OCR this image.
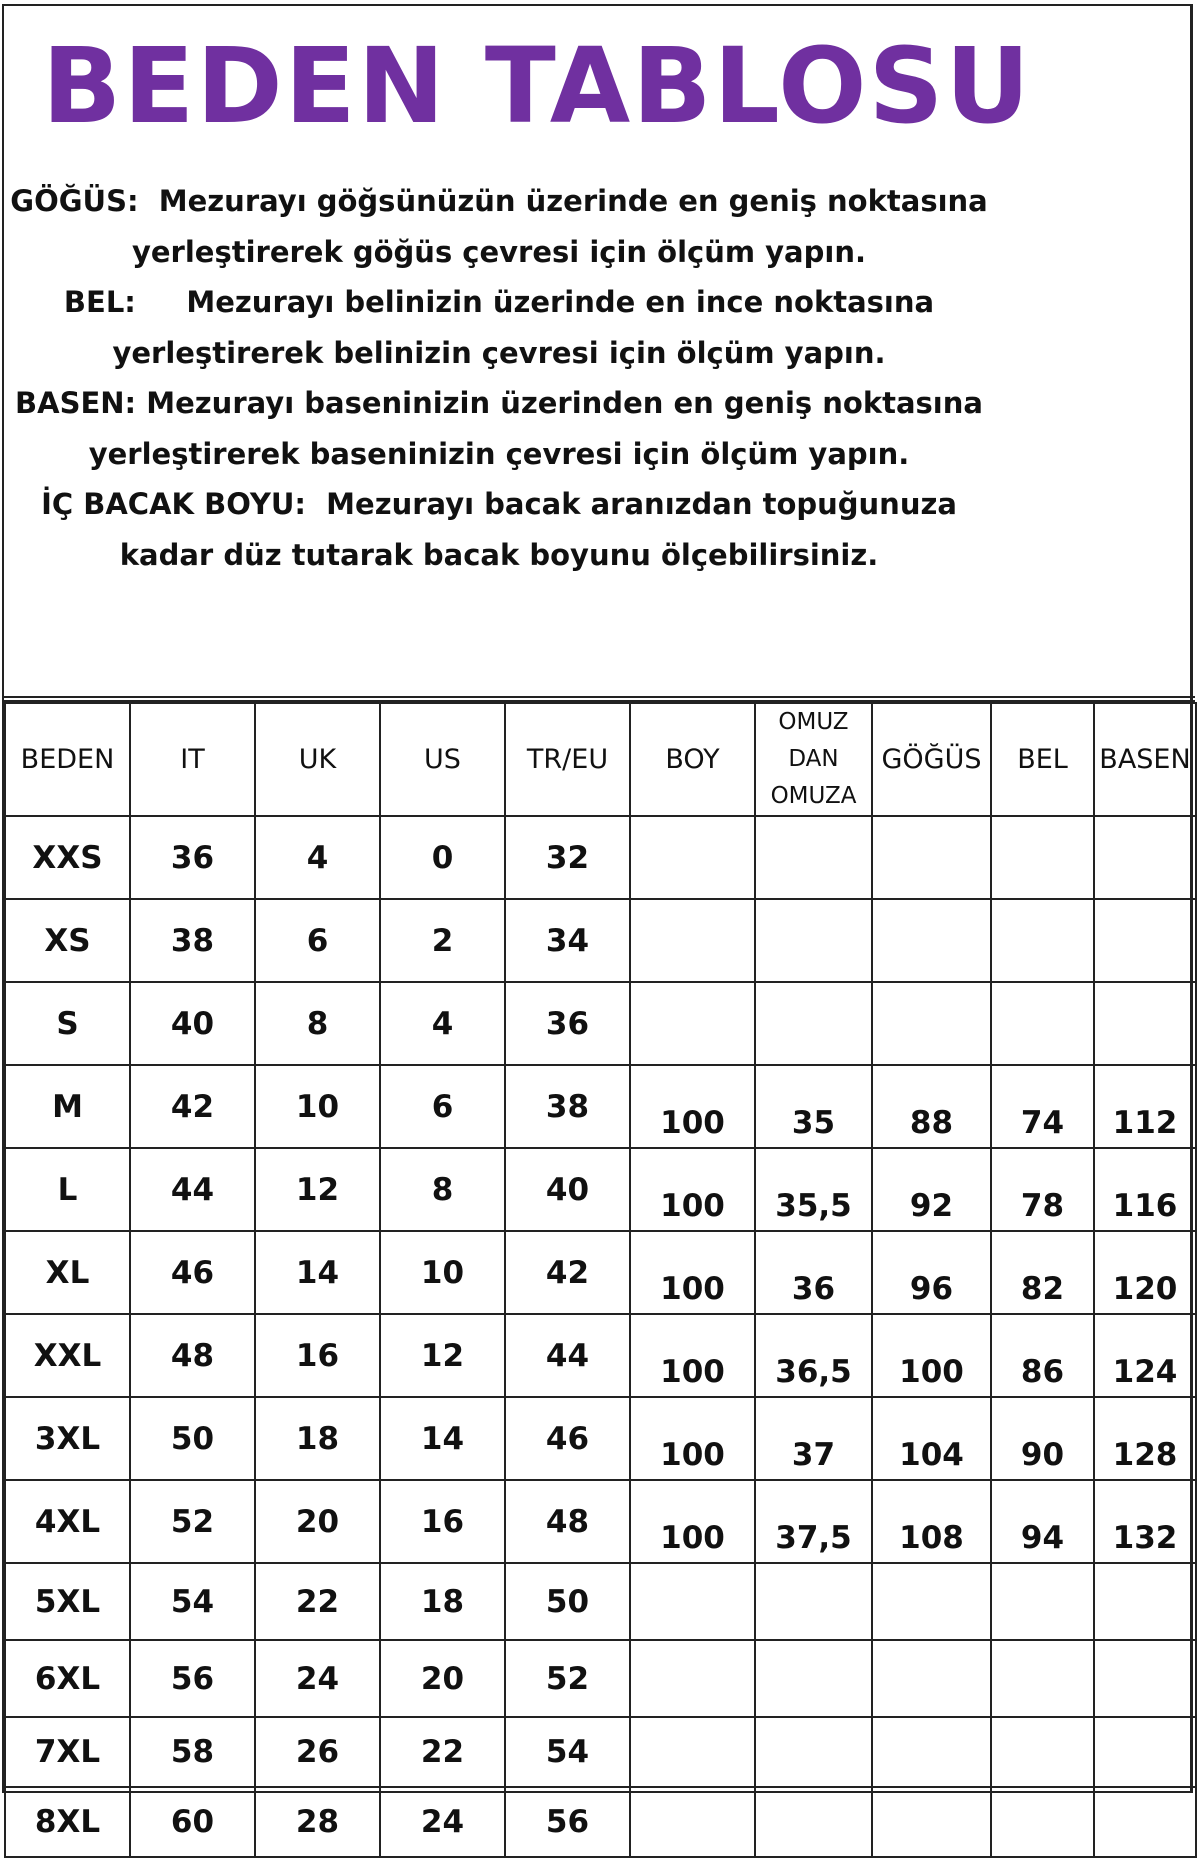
BEDEN TABLOSU
GÖĞÜS: Mezurayı göğsünüzün üzerinde en geniş noktasına
yerleştirerek göğüs çevresi için ölçüm yapın.
BEL: Mezurayı belinizin üzerinde en ince noktasına
yerleştirerek belinizin çevresi için ölçüm yapın.
BASEN: Mezurayı baseninizin üzerinden en geniş noktasına
yerleştirerek baseninizin çevresi için ölçüm yapın.
İÇ BACAK BOYU: Mezurayı bacak aranızdan topuğunuza
kadar düz tutarak bacak boyunu ölçebilirsiniz.
BEDEN	IT	UK	US	TR/EU	BOY	OMUZ
DAN
OMUZA	GÖĞÜS	BEL	BASEN
XXS	36	4	0	32					
XS	38	6	2	34					
S	40	8	4	36					
M	42	10	6	38	100	35	88	74	112
L	44	12	8	40	100	35,5	92	78	116
XL	46	14	10	42	100	36	96	82	120
XXL	48	16	12	44	100	36,5	100	86	124
3XL	50	18	14	46	100	37	104	90	128
4XL	52	20	16	48	100	37,5	108	94	132
5XL	54	22	18	50					
6XL	56	24	20	52					
7XL	58	26	22	54					
8XL	60	28	24	56					
